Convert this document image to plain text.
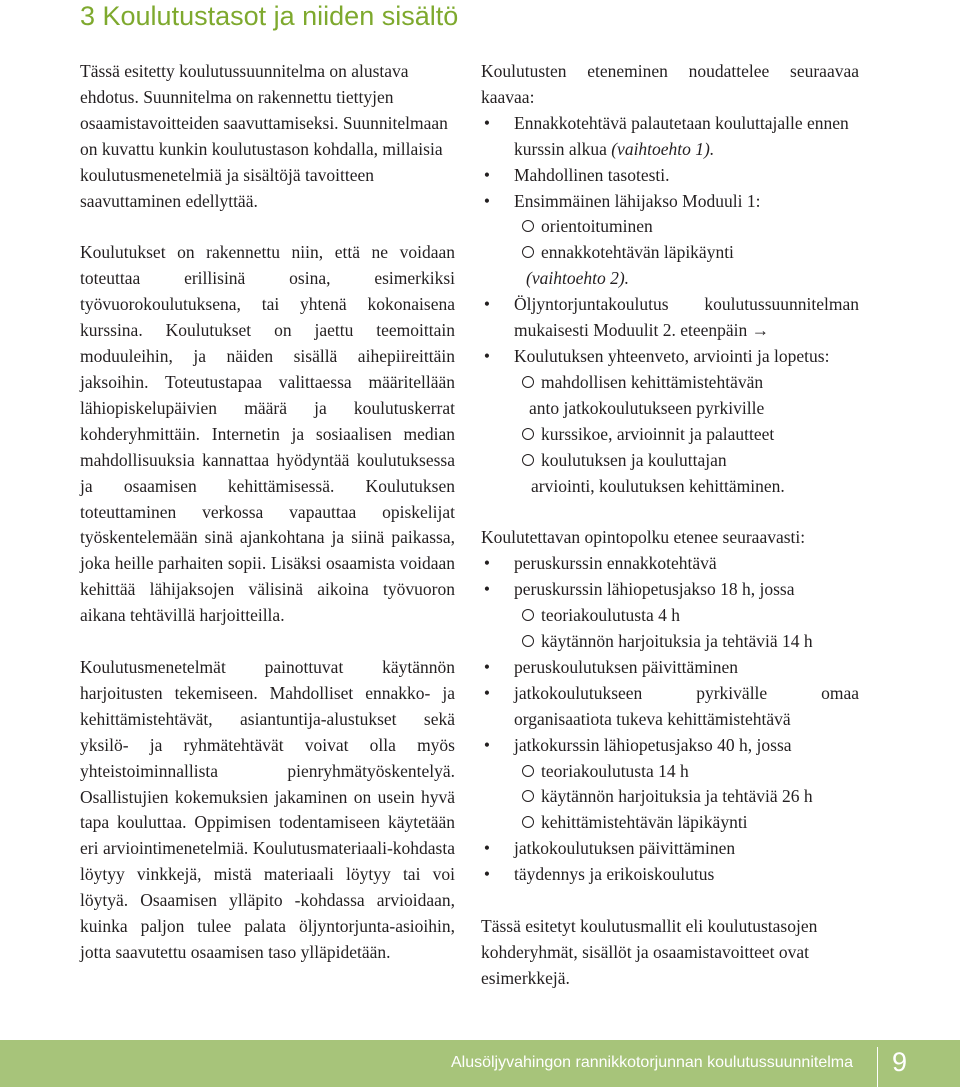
3 Koulutustasot ja niiden sisältö

Tässä esitetty koulutussuunnitelma on alustava ehdotus. Suunnitelma on rakennettu tiettyjen osaamistavoitteiden saavuttamiseksi. Suunnitelmaan on kuvattu kunkin koulutustason kohdalla, millaisia koulutusmenetelmiä ja sisältöjä tavoitteen saavuttaminen edellyttää.

Koulutukset on rakennettu niin, että ne voidaan toteuttaa erillisinä osina, esimerkiksi työvuorokoulutuksena, tai yhtenä kokonaisena kurssina. Koulutukset on jaettu teemoittain moduuleihin, ja näiden sisällä aihepiireittäin jaksoihin. Toteutustapaa valittaessa määritellään lähiopiskelupäivien määrä ja koulutuskerrat kohderyhmittäin. Internetin ja sosiaalisen median mahdollisuuksia kannattaa hyödyntää koulutuksessa ja osaamisen kehittämisessä. Koulutuksen toteuttaminen verkossa vapauttaa opiskelijat työskentelemään sinä ajankohtana ja siinä paikassa, joka heille parhaiten sopii. Lisäksi osaamista voidaan kehittää lähijaksojen välisinä aikoina työvuoron aikana tehtävillä harjoitteilla.

Koulutusmenetelmät painottuvat käytännön harjoitusten tekemiseen. Mahdolliset ennakko- ja kehittämistehtävät, asiantuntija-alustukset sekä yksilö- ja ryhmätehtävät voivat olla myös yhteistoiminnallista pienryhmätyöskentelyä. Osallistujien kokemuksien jakaminen on usein hyvä tapa kouluttaa. Oppimisen todentamiseen käytetään eri arviointimenetelmiä. Koulutusmateriaali-kohdasta löytyy vinkkejä, mistä materiaali löytyy tai voi löytyä. Osaamisen ylläpito -kohdassa arvioidaan, kuinka paljon tulee palata öljyntorjunta-asioihin, jotta saavutettu osaamisen taso ylläpidetään.

Koulutusten eteneminen noudattelee seuraavaa kaavaa:

• Ennakkotehtävä palautetaan kouluttajalle ennen kurssin alkua (vaihtoehto 1).
• Mahdollinen tasotesti.
• Ensimmäinen lähijakso Moduuli 1:
orientoituminen
ennakkotehtävän läpikäynti
(vaihtoehto 2).
• Öljyntorjuntakoulutus koulutussuunnitelman mukaisesti Moduulit 2. eteenpäin →
• Koulutuksen yhteenveto, arviointi ja lopetus:
mahdollisen kehittämistehtävän
anto jatkokoulutukseen pyrkiville
kurssikoe, arvioinnit ja palautteet
koulutuksen ja kouluttajan
arviointi, koulutuksen kehittäminen.

Koulutettavan opintopolku etenee seuraavasti:

• peruskurssin ennakkotehtävä
• peruskurssin lähiopetusjakso 18 h, jossa
teoriakoulutusta 4 h
käytännön harjoituksia ja tehtäviä 14 h
• peruskoulutuksen päivittäminen
• jatkokoulutukseen pyrkivälle omaa organisaatiota tukeva kehittämistehtävä
• jatkokurssin lähiopetusjakso 40 h, jossa
teoriakoulutusta 14 h
käytännön harjoituksia ja tehtäviä 26 h
kehittämistehtävän läpikäynti
• jatkokoulutuksen päivittäminen
• täydennys ja erikoiskoulutus

Tässä esitetyt koulutusmallit eli koulutustasojen kohderyhmät, sisällöt ja osaamistavoitteet ovat esimerkkejä.

Alusöljyvahingon rannikkotorjunnan koulutussuunnitelma 9
